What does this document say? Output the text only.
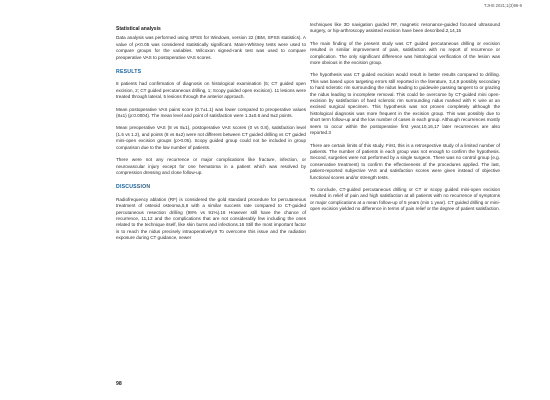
TJHS 2021;1(3)96-9
Statistical analysis

Data analysis was performed using SPSS for Windows, version 22 (IBM, SPSS statistics). A value of p<0.05 was considered statistically significant. Mann-Whitney tests were used to compare groups for the variables. Wilcoxon signed-rank test was used to compare preoperative VAS to postoperative VAS scores.

RESULTS

8 patients had confirmation of diagnosis on histological examination (5; CT guided open excision, 2; CT guided percutaneous drilling, 1; Scopy guided open excision). 11 lesions were treated through lateral, 5 lesions through the anterior approach.

Mean postoperative VAS pains score (0.7±1.1) was lower compared to preoperative values (8±1) (p:0.0004). The mean level and point of satisfaction were 1.3±0.6 and 8±2 points.

Mean preoperative VAS (8 vs 8±1), postoperative VAS scores (0 vs 0.8), satisfaction level (1.5 vs 1.2), and points (8 vs 8±2) were not different between CT guided drilling vs CT guided mini-open excision groups (p>0.05). Scopy guided group could not be included in group comparison due to the low number of patients.

There were not any recurrence or major complications like fracture, infection, or neurovascular injury except for one hematoma in a patient which was resolved by compression dressing and close follow-up.

DISCUSSION

Radiofrequency ablation (RF) is considered the gold standard procedure for percutaneous treatment of osteoid osteoma,5,6 with a similar success rate compared to CT-guided percutaneous resection drilling (98% vs 91%).16 However still have the chance of recurrence, 11,12 and the complications that are not considerably few including the ones related to the technique itself, like skin burns and infections.16 Still the most important factor is to reach the nidus precisely intraoperatively.9 To overcome this issue and the radiation exposure during CT guidance, newer

techniques like 3D navigation guided RF, magnetic resonance-guided focused ultrasound surgery, or hip-arthroscopy assisted excision have been described.2,14,15

The main finding of the present study was CT guided percutaneous drilling or excision resulted in similar improvement of pain, satisfaction with no report of recurrence or complication. The only significant difference was histological verification of the lesion was more obvious in the excision group.

The hypothesis was CT guided excision would result in better results compared to drilling. This was based upon targeting errors still reported in the literature, 3,4,9 possibly secondary to hard sclerotic rim surrounding the nidus leading to guidewire passing tangent to or grazing the nidus leading to incomplete removal. This could be overcome by CT-guided mini open-excision by satisfaction of hard sclerotic rim surrounding nidus marked with K wire at an excised surgical specimen. This hypothesis was not proven completely although the histological diagnosis was more frequent in the excision group. This was possibly due to short term follow-up and the low number of cases in each group. Although recurrences mostly seem to occur within the postoperative first year,10,16,17 later recurrences are also reported.3

There are certain limits of this study. First, this is a retrospective study of a limited number of patients. The number of patients in each group was not enough to confirm the hypothesis. Second, surgeries were not performed by a single surgeon. There was no control group (e.g. conservative treatment) to confirm the effectiveness of the procedures applied. The last, patient-reported subjective VAS and satisfaction scores were given instead of objective functional scores and/or strength tests.

To conclude, CT-guided percutaneous drilling or CT or scopy guided mini-open excision resulted in relief of pain and high satisfaction at all patients with no recurrence of symptoms or major complications at a mean follow-up of 5 years (min 1 year). CT guided drilling or mini-open excision yielded no difference in terms of pain relief or the degree of patient satisfaction.

98
